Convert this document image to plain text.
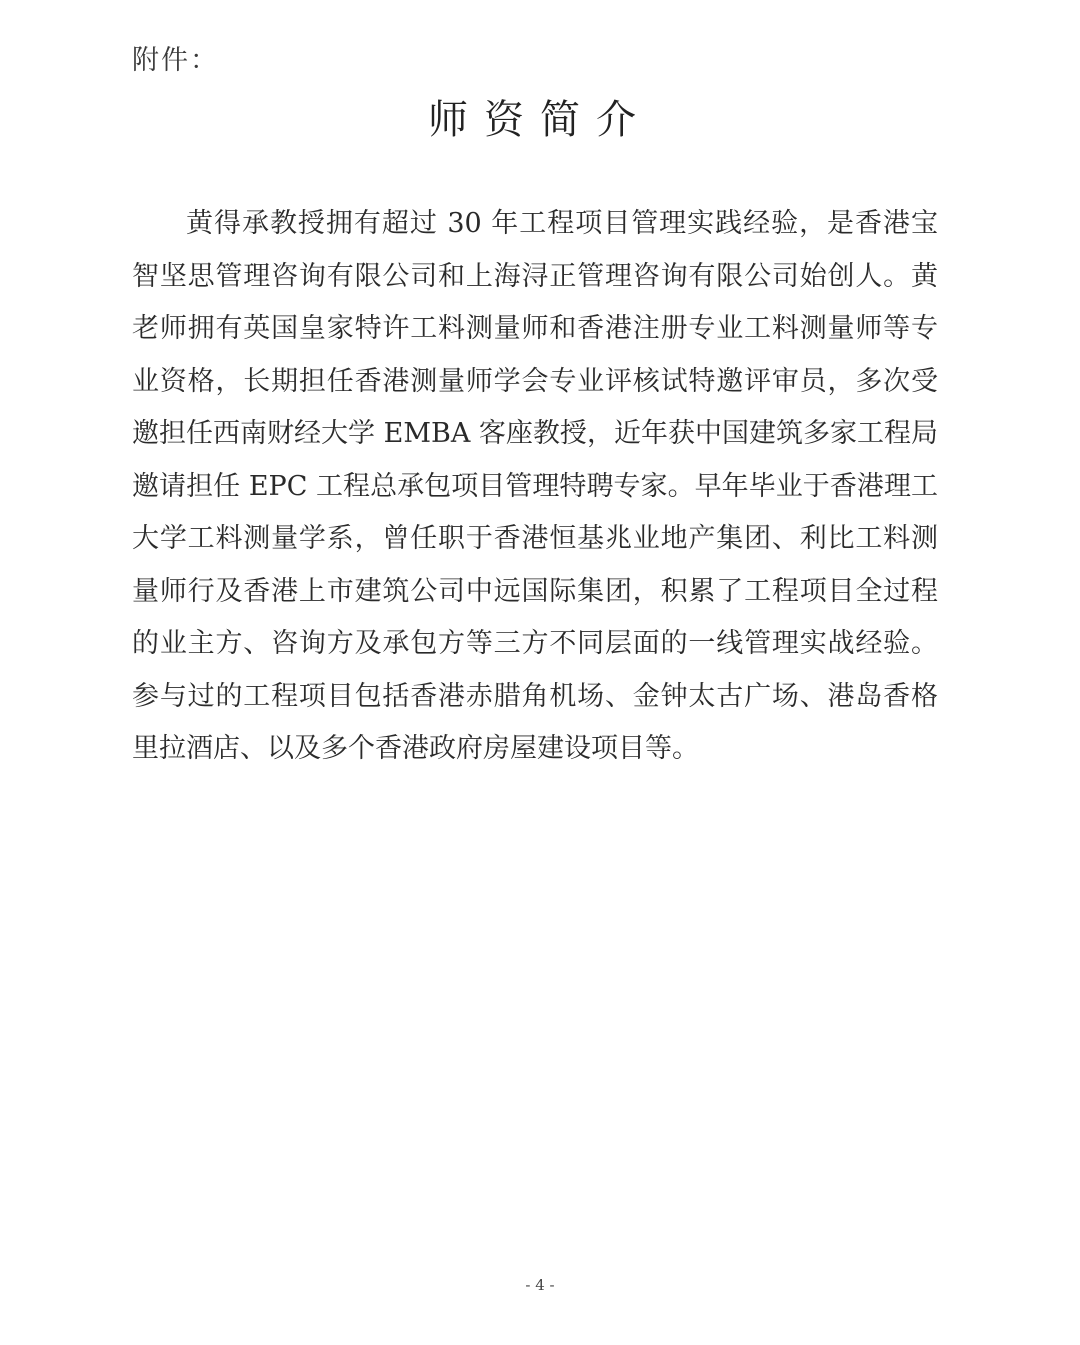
附件：
师资简介

黄得承教授拥有超过 30 年工程项目管理实践经验，是香港宝智坚思管理咨询有限公司和上海浔正管理咨询有限公司始创人。黄老师拥有英国皇家特许工料测量师和香港注册专业工料测量师等专业资格，长期担任香港测量师学会专业评核试特邀评审员，多次受邀担任西南财经大学 EMBA 客座教授，近年获中国建筑多家工程局邀请担任 EPC 工程总承包项目管理特聘专家。早年毕业于香港理工大学工料测量学系，曾任职于香港恒基兆业地产集团、利比工料测量师行及香港上市建筑公司中远国际集团，积累了工程项目全过程的业主方、咨询方及承包方等三方不同层面的一线管理实战经验。参与过的工程项目包括香港赤腊角机场、金钟太古广场、港岛香格里拉酒店、以及多个香港政府房屋建设项目等。

- 4 -
